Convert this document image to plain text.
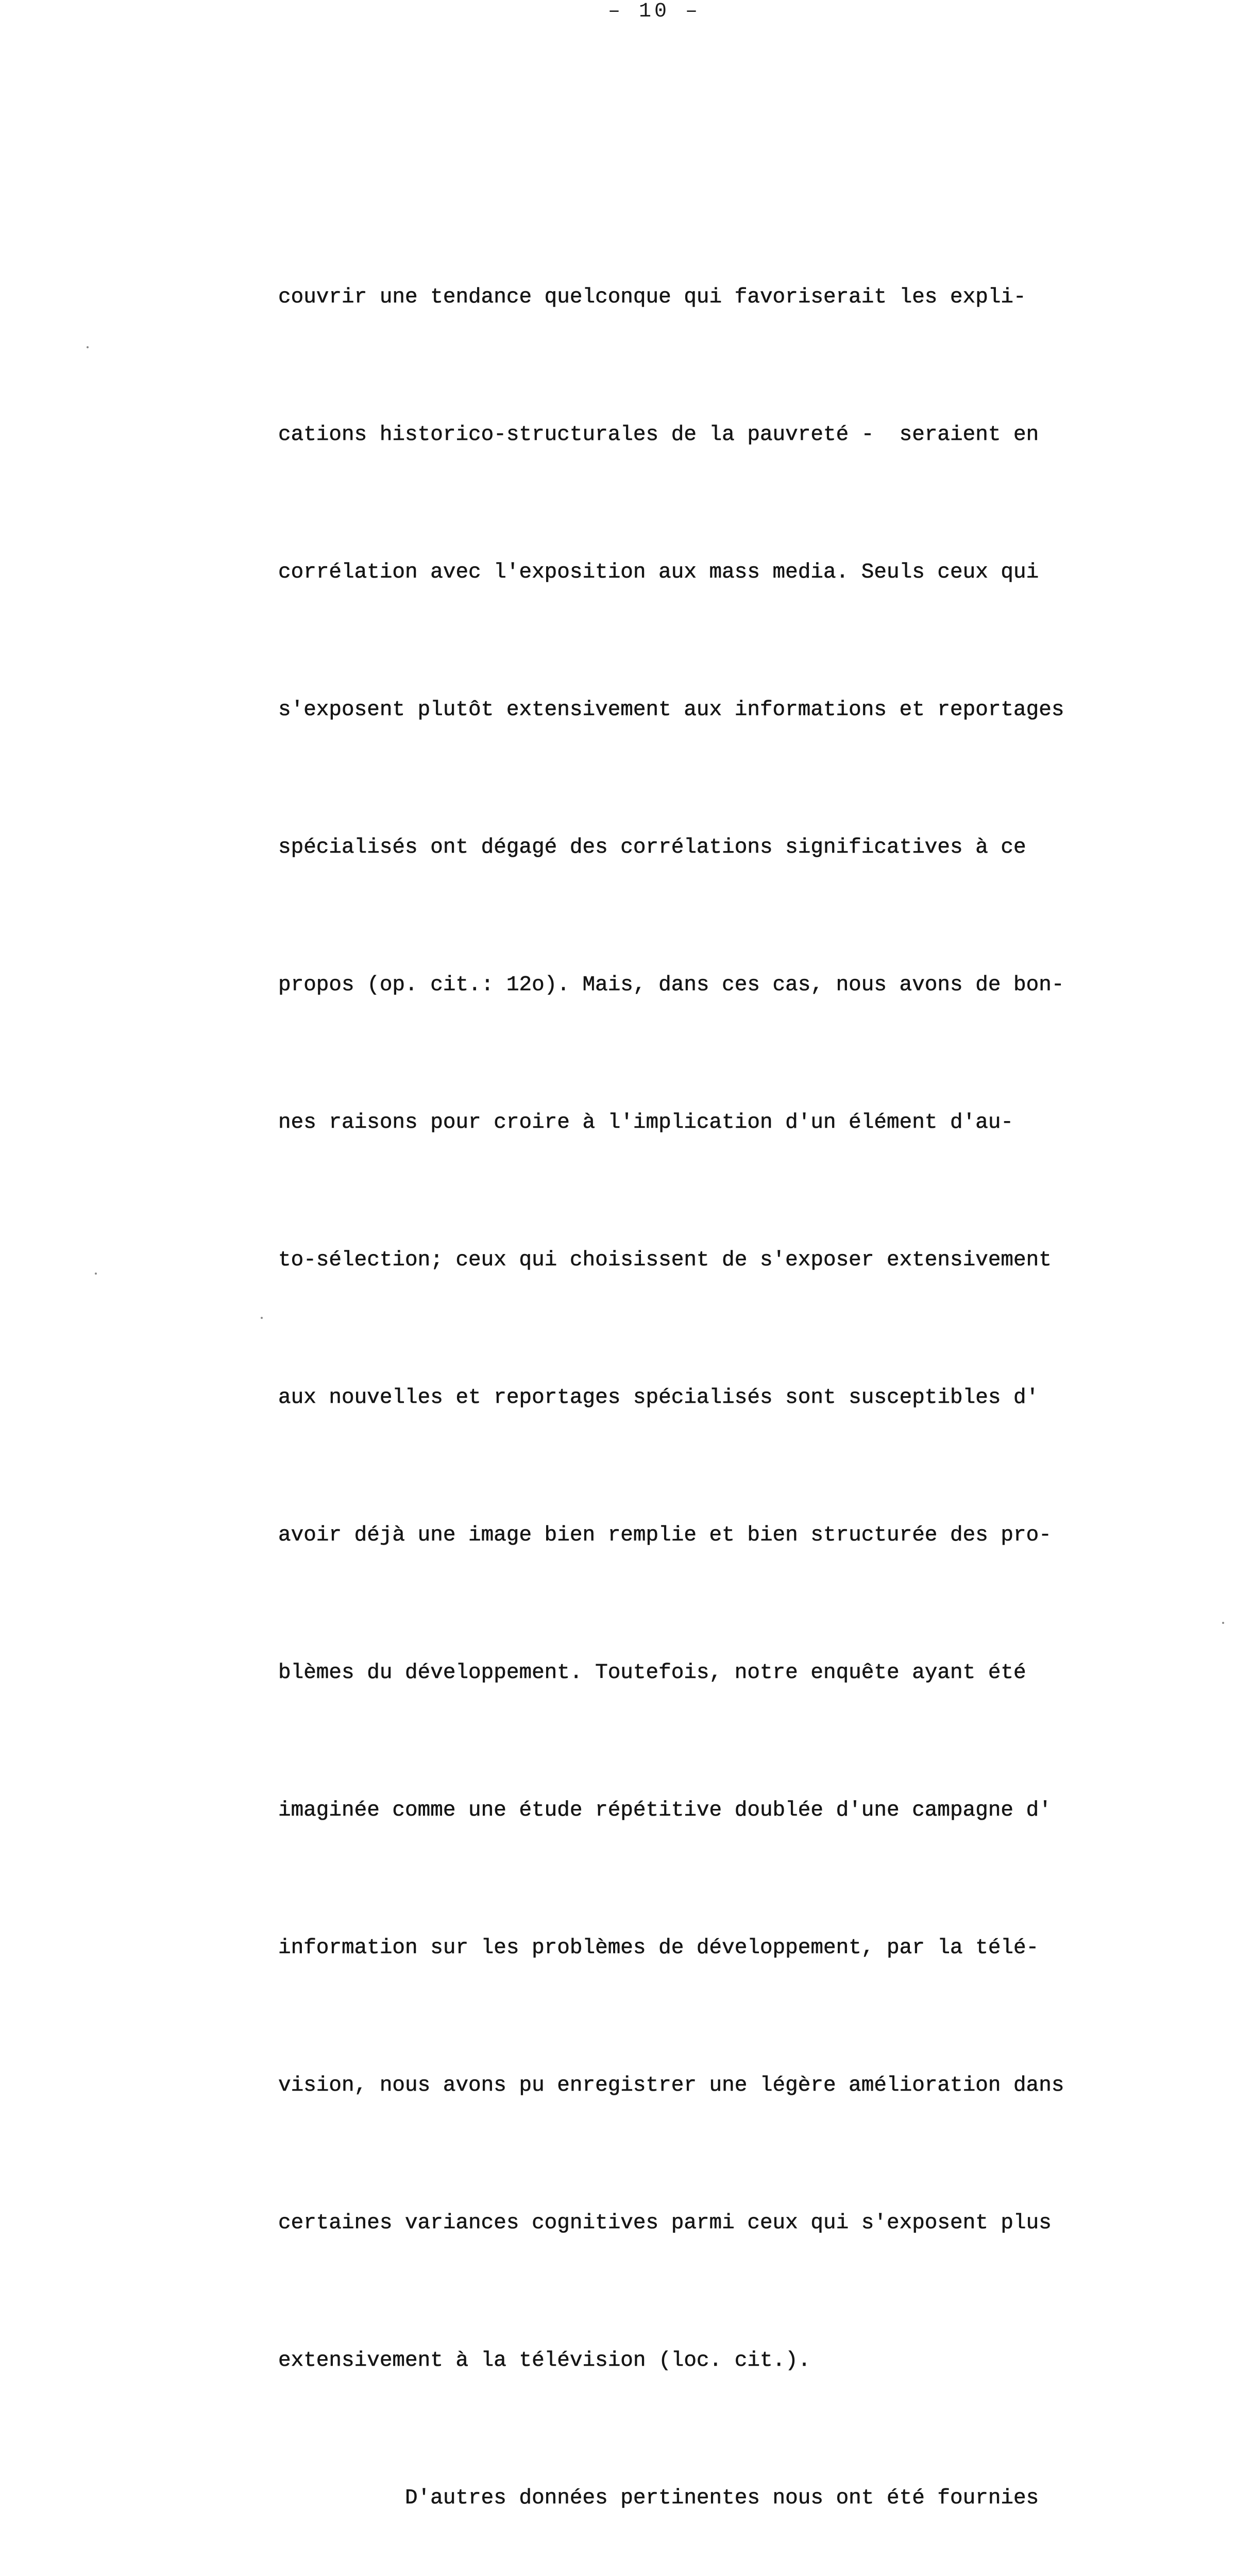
– 10 –

couvrir une tendance quelconque qui favoriserait les expli-

cations historico-structurales de la pauvreté -  seraient en

corrélation avec l'exposition aux mass media. Seuls ceux qui

s'exposent plutôt extensivement aux informations et reportages

spécialisés ont dégagé des corrélations significatives à ce

propos (op. cit.: 12o). Mais, dans ces cas, nous avons de bon-

nes raisons pour croire à l'implication d'un élément d'au-

to-sélection; ceux qui choisissent de s'exposer extensivement

aux nouvelles et reportages spécialisés sont susceptibles d'

avoir déjà une image bien remplie et bien structurée des pro-

blèmes du développement. Toutefois, notre enquête ayant été

imaginée comme une étude répétitive doublée d'une campagne d'

information sur les problèmes de développement, par la télé-

vision, nous avons pu enregistrer une légère amélioration dans

certaines variances cognitives parmi ceux qui s'exposent plus

extensivement à la télévision (loc. cit.).

D'autres données pertinentes nous ont été fournies
